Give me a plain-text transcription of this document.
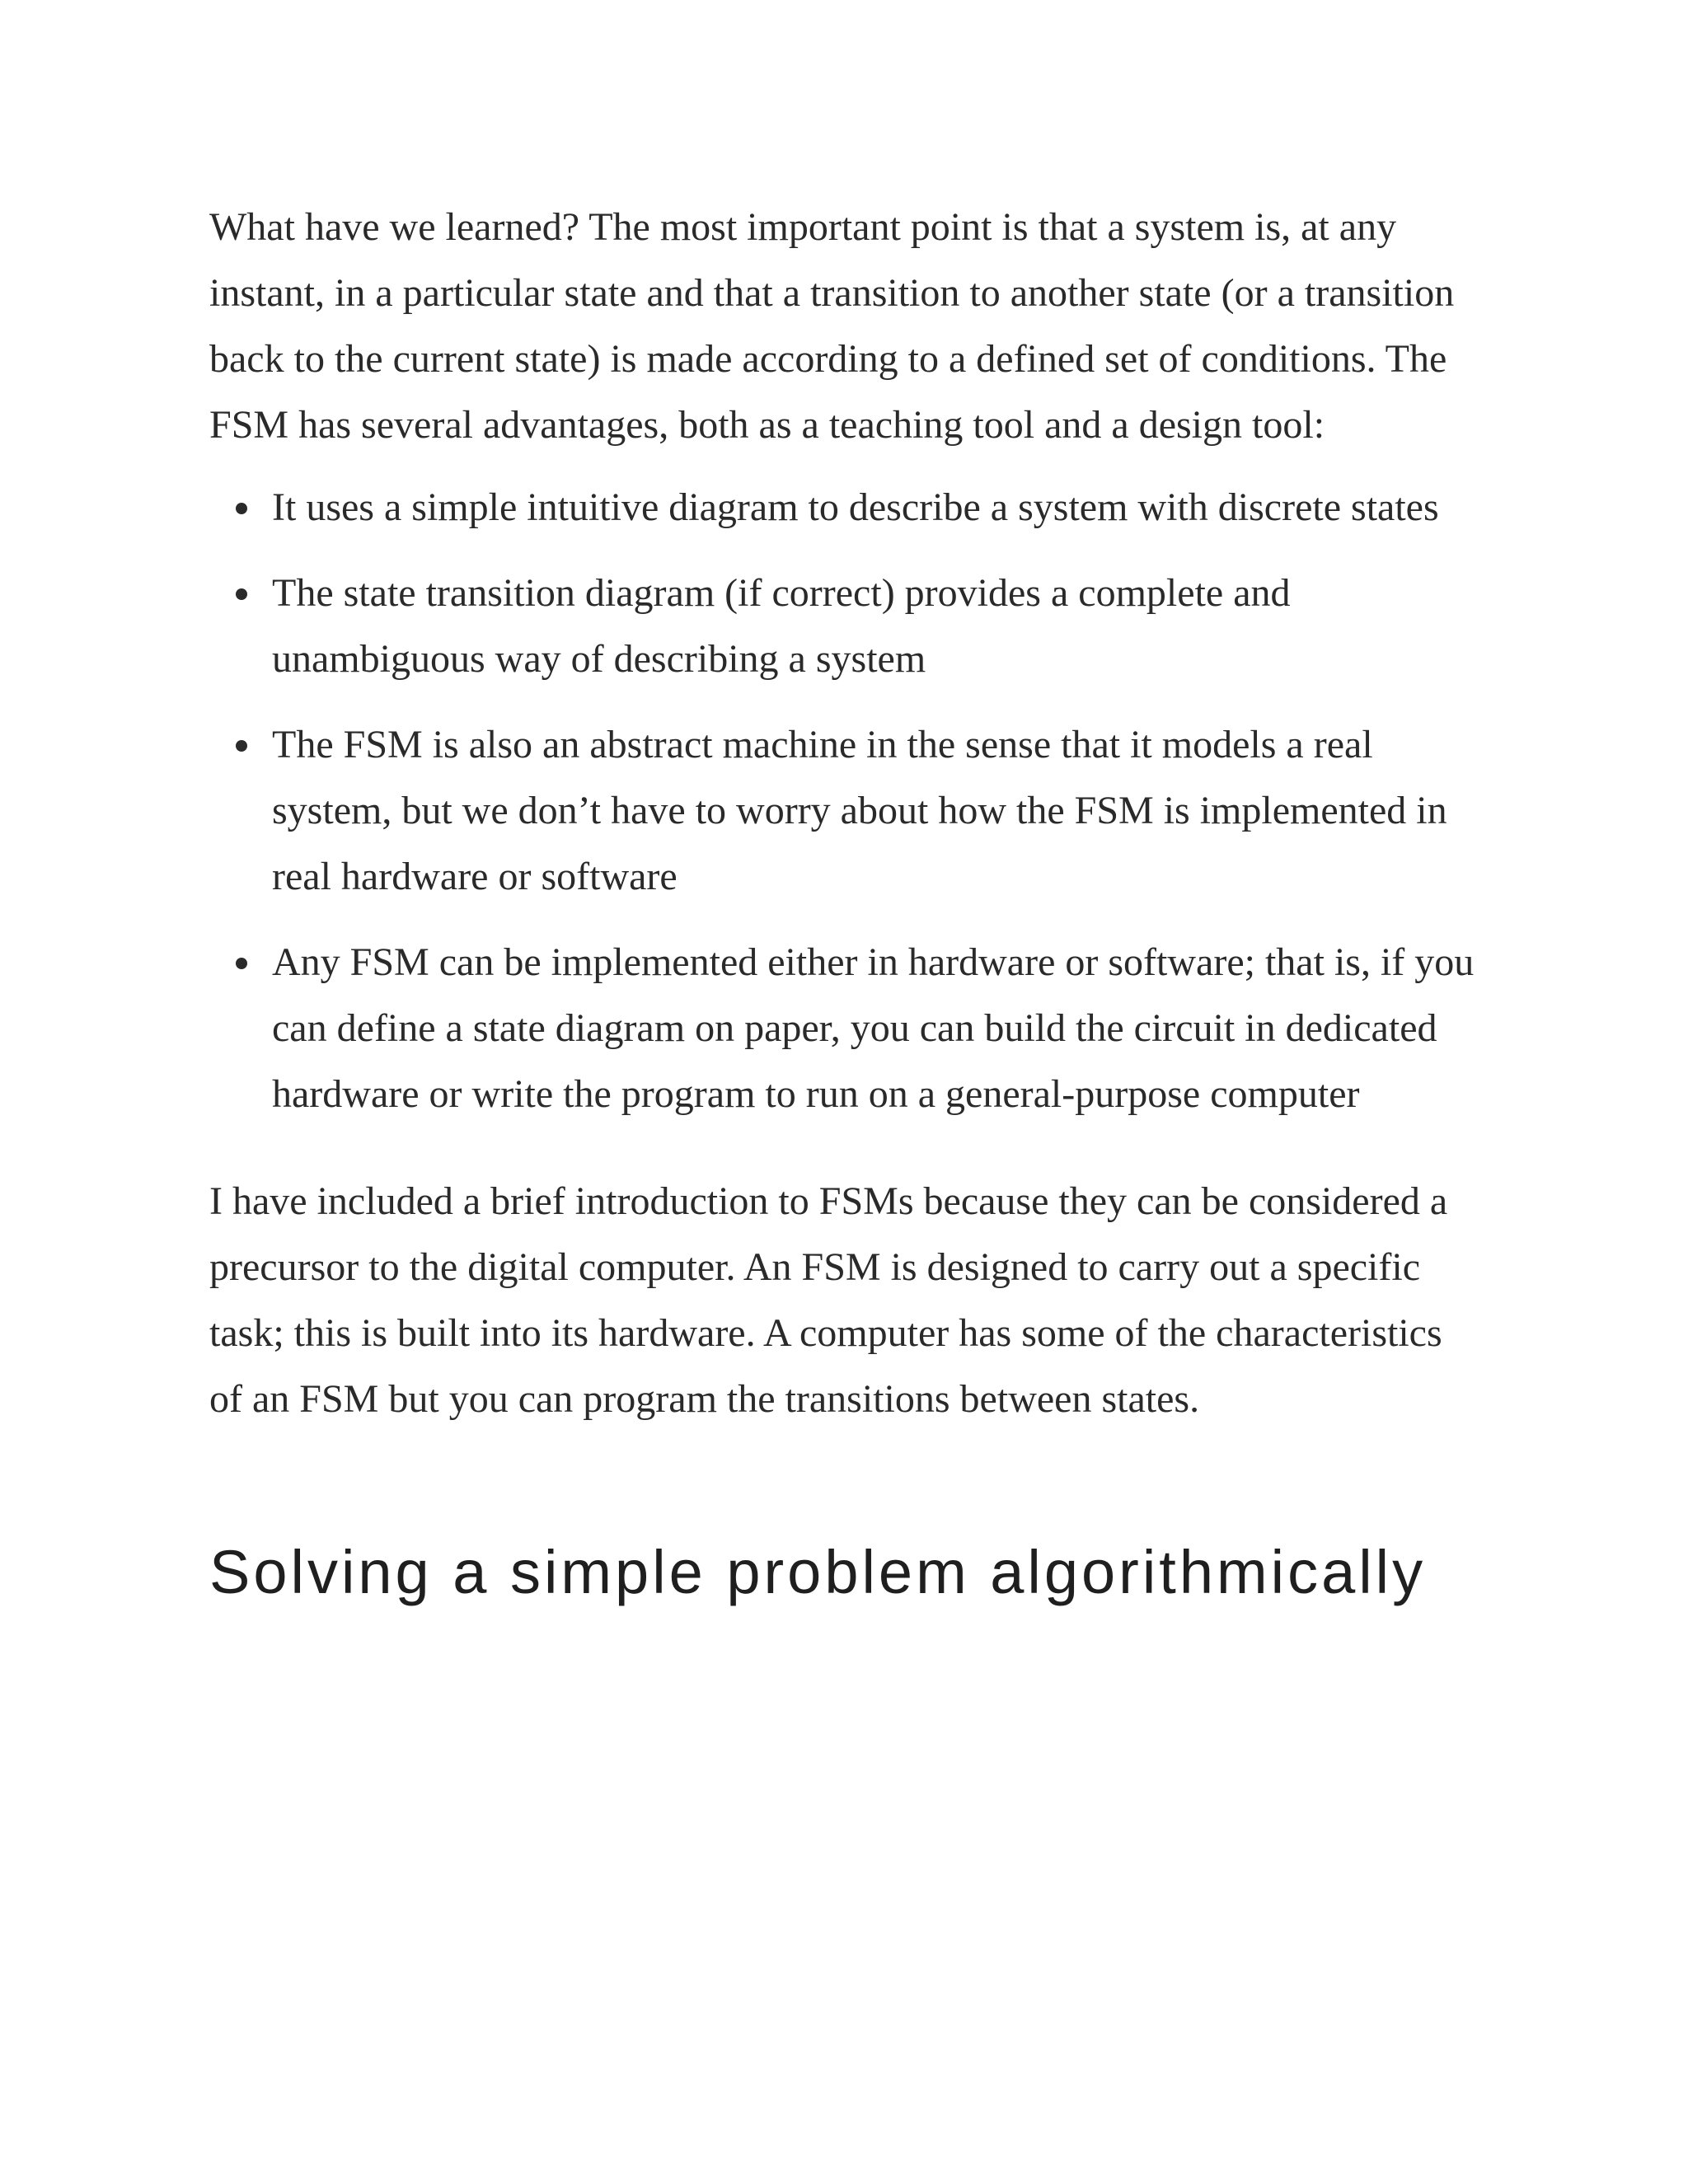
What have we learned? The most important point is that a system is, at any instant, in a particular state and that a transition to another state (or a transition back to the current state) is made according to a defined set of conditions. The FSM has several advantages, both as a teaching tool and a design tool:

It uses a simple intuitive diagram to describe a system with discrete states
The state transition diagram (if correct) provides a complete and unambiguous way of describing a system
The FSM is also an abstract machine in the sense that it models a real system, but we don’t have to worry about how the FSM is implemented in real hardware or software
Any FSM can be implemented either in hardware or software; that is, if you can define a state diagram on paper, you can build the circuit in dedicated hardware or write the program to run on a general-purpose computer

I have included a brief introduction to FSMs because they can be considered a precursor to the digital computer. An FSM is designed to carry out a specific task; this is built into its hardware. A computer has some of the characteristics of an FSM but you can program the transitions between states.

Solving a simple problem algorithmically
